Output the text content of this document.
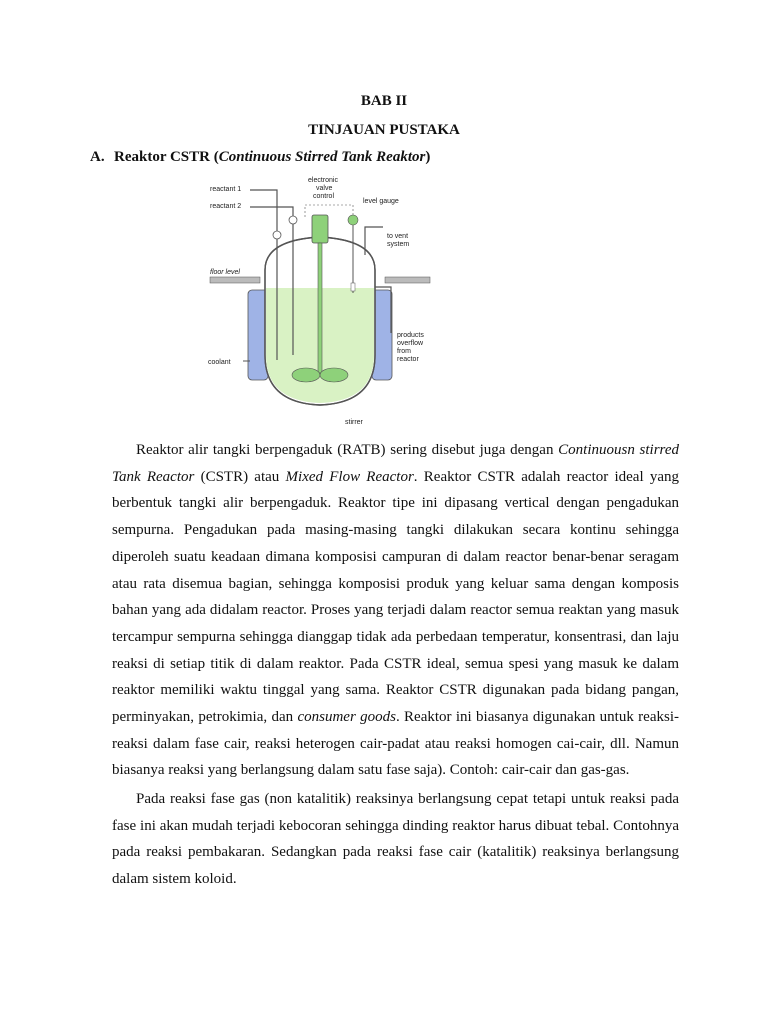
BAB II
TINJAUAN PUSTAKA
A. Reaktor CSTR (Continuous Stirred Tank Reaktor)
reactant 1
reactant 2
electronic
valve
control
level gauge
to vent
system
floor level
products
overflow
from
reactor
coolant
stirrer

Reaktor alir tangki berpengaduk (RATB) sering disebut juga dengan Continuousn stirred Tank Reactor (CSTR) atau Mixed Flow Reactor. Reaktor CSTR adalah reactor ideal yang berbentuk tangki alir berpengaduk. Reaktor tipe ini dipasang vertical dengan pengadukan sempurna. Pengadukan pada masing-masing tangki dilakukan secara kontinu sehingga diperoleh suatu keadaan dimana komposisi campuran di dalam reactor benar-benar seragam atau rata disemua bagian, sehingga komposisi produk yang keluar sama dengan komposis bahan yang ada didalam reactor. Proses yang terjadi dalam reactor semua reaktan yang masuk tercampur sempurna sehingga dianggap tidak ada perbedaan temperatur, konsentrasi, dan laju reaksi di setiap titik di dalam reaktor. Pada CSTR ideal, semua spesi yang masuk ke dalam reaktor memiliki waktu tinggal yang sama. Reaktor CSTR digunakan pada bidang pangan, perminyakan, petrokimia, dan consumer goods. Reaktor ini biasanya digunakan untuk reaksi-reaksi dalam fase cair, reaksi heterogen cair-padat atau reaksi homogen cai-cair, dll. Namun biasanya reaksi yang berlangsung dalam satu fase saja). Contoh: cair-cair dan gas-gas.

Pada reaksi fase gas (non katalitik) reaksinya berlangsung cepat tetapi untuk reaksi pada fase ini akan mudah terjadi kebocoran sehingga dinding reaktor harus dibuat tebal. Contohnya pada reaksi pembakaran. Sedangkan pada reaksi fase cair (katalitik) reaksinya berlangsung dalam sistem koloid.
